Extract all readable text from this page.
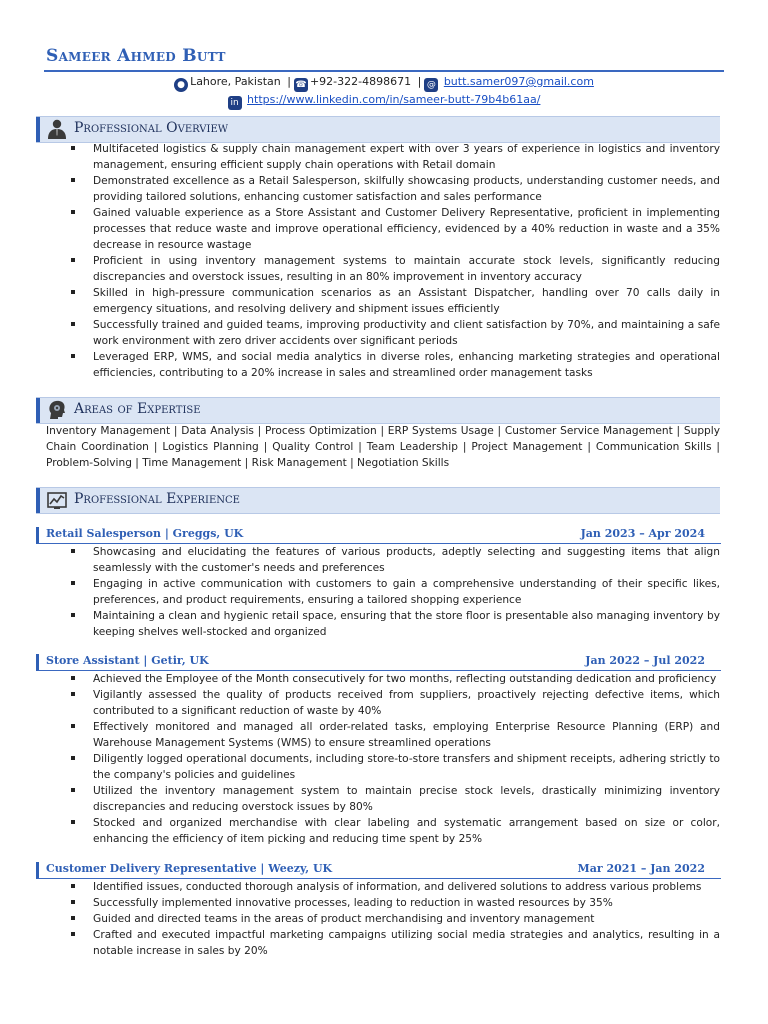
Sameer Ahmed Butt
● Lahore, Pakistan | ☎ +92-322-4898671 | @ butt.samer097@gmail.com
in https://www.linkedin.com/in/sameer-butt-79b4b61aa/
Professional Overview
Multifaceted logistics & supply chain management expert with over 3 years of experience in logistics and inventory management, ensuring efficient supply chain operations with Retail domain
Demonstrated excellence as a Retail Salesperson, skilfully showcasing products, understanding customer needs, and providing tailored solutions, enhancing customer satisfaction and sales performance
Gained valuable experience as a Store Assistant and Customer Delivery Representative, proficient in implementing processes that reduce waste and improve operational efficiency, evidenced by a 40% reduction in waste and a 35% decrease in resource wastage
Proficient in using inventory management systems to maintain accurate stock levels, significantly reducing discrepancies and overstock issues, resulting in an 80% improvement in inventory accuracy
Skilled in high-pressure communication scenarios as an Assistant Dispatcher, handling over 70 calls daily in emergency situations, and resolving delivery and shipment issues efficiently
Successfully trained and guided teams, improving productivity and client satisfaction by 70%, and maintaining a safe work environment with zero driver accidents over significant periods
Leveraged ERP, WMS, and social media analytics in diverse roles, enhancing marketing strategies and operational efficiencies, contributing to a 20% increase in sales and streamlined order management tasks
Areas of Expertise

Inventory Management | Data Analysis | Process Optimization | ERP Systems Usage | Customer Service Management | Supply Chain Coordination | Logistics Planning | Quality Control | Team Leadership | Project Management | Communication Skills | Problem-Solving | Time Management | Risk Management | Negotiation Skills

Professional Experience
Retail Salesperson | Greggs, UK	Jan 2023 – Apr 2024
Showcasing and elucidating the features of various products, adeptly selecting and suggesting items that align seamlessly with the customer's needs and preferences
Engaging in active communication with customers to gain a comprehensive understanding of their specific likes, preferences, and product requirements, ensuring a tailored shopping experience
Maintaining a clean and hygienic retail space, ensuring that the store floor is presentable also managing inventory by keeping shelves well-stocked and organized
Store Assistant | Getir, UK	Jan 2022 – Jul 2022
Achieved the Employee of the Month consecutively for two months, reflecting outstanding dedication and proficiency
Vigilantly assessed the quality of products received from suppliers, proactively rejecting defective items, which contributed to a significant reduction of waste by 40%
Effectively monitored and managed all order-related tasks, employing Enterprise Resource Planning (ERP) and Warehouse Management Systems (WMS) to ensure streamlined operations
Diligently logged operational documents, including store-to-store transfers and shipment receipts, adhering strictly to the company's policies and guidelines
Utilized the inventory management system to maintain precise stock levels, drastically minimizing inventory discrepancies and reducing overstock issues by 80%
Stocked and organized merchandise with clear labeling and systematic arrangement based on size or color, enhancing the efficiency of item picking and reducing time spent by 25%
Customer Delivery Representative | Weezy, UK	Mar 2021 – Jan 2022
Identified issues, conducted thorough analysis of information, and delivered solutions to address various problems
Successfully implemented innovative processes, leading to reduction in wasted resources by 35%
Guided and directed teams in the areas of product merchandising and inventory management
Crafted and executed impactful marketing campaigns utilizing social media strategies and analytics, resulting in a notable increase in sales by 20%
